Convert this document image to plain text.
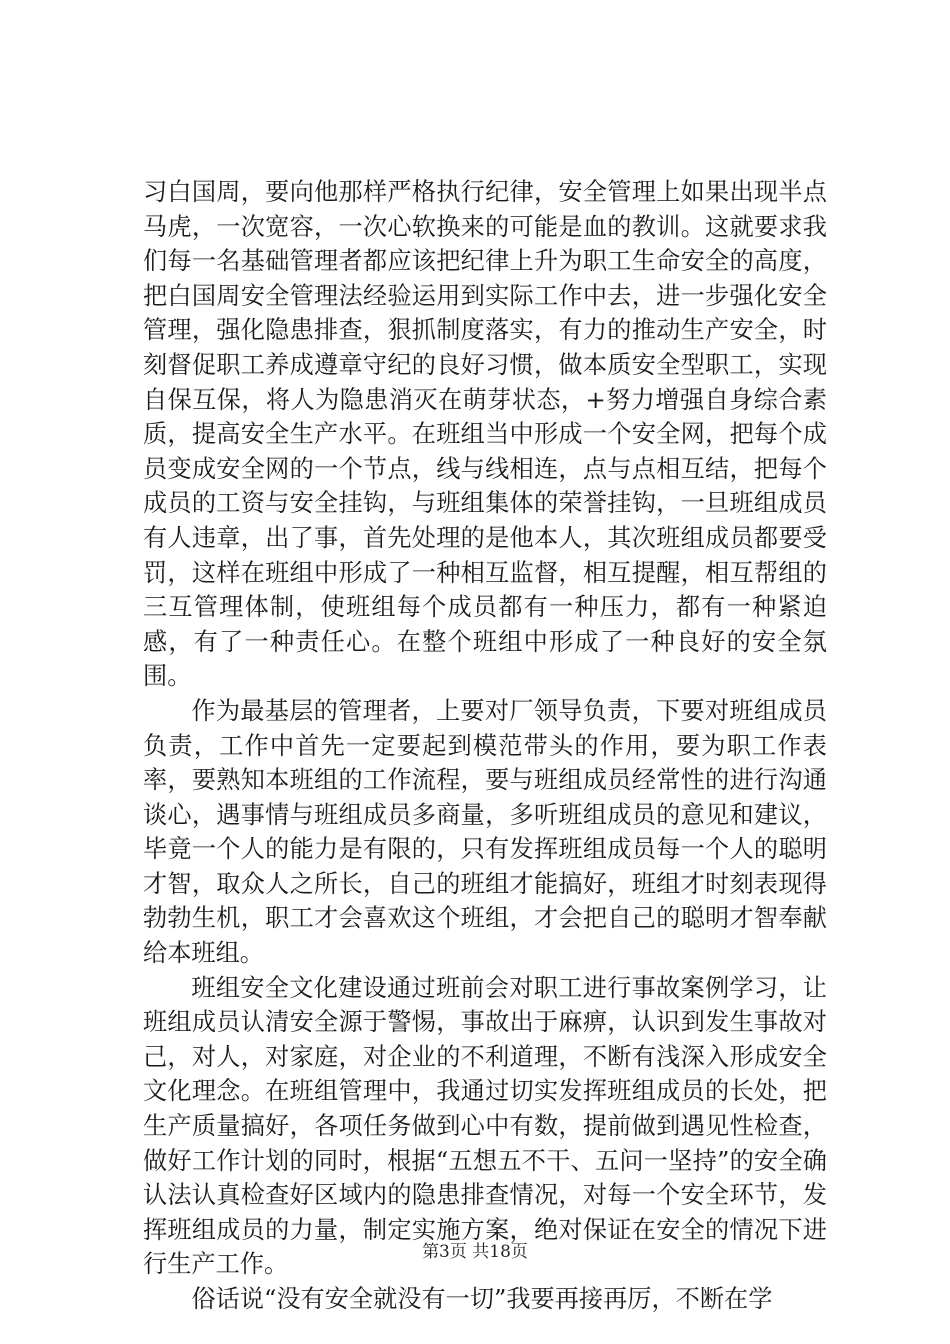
习白国周，要向他那样严格执行纪律，安全管理上如果出现半点马虎，一次宽容，一次心软换来的可能是血的教训。这就要求我们每一名基础管理者都应该把纪律上升为职工生命安全的高度，把白国周安全管理法经验运用到实际工作中去，进一步强化安全管理，强化隐患排查，狠抓制度落实，有力的推动生产安全，时刻督促职工养成遵章守纪的良好习惯，做本质安全型职工，实现自保互保，将人为隐患消灭在萌芽状态，+努力增强自身综合素质，提高安全生产水平。在班组当中形成一个安全网，把每个成员变成安全网的一个节点，线与线相连，点与点相互结，把每个成员的工资与安全挂钩，与班组集体的荣誉挂钩，一旦班组成员有人违章，出了事，首先处理的是他本人，其次班组成员都要受罚，这样在班组中形成了一种相互监督，相互提醒，相互帮组的三互管理体制，使班组每个成员都有一种压力，都有一种紧迫感，有了一种责任心。在整个班组中形成了一种良好的安全氛围。

作为最基层的管理者，上要对厂领导负责，下要对班组成员负责，工作中首先一定要起到模范带头的作用，要为职工作表率，要熟知本班组的工作流程，要与班组成员经常性的进行沟通谈心，遇事情与班组成员多商量，多听班组成员的意见和建议，毕竟一个人的能力是有限的，只有发挥班组成员每一个人的聪明才智，取众人之所长，自己的班组才能搞好，班组才时刻表现得勃勃生机，职工才会喜欢这个班组，才会把自己的聪明才智奉献给本班组。

班组安全文化建设通过班前会对职工进行事故案例学习，让班组成员认清安全源于警惕，事故出于麻痹，认识到发生事故对己，对人，对家庭，对企业的不利道理，不断有浅深入形成安全文化理念。在班组管理中，我通过切实发挥班组成员的长处，把生产质量搞好，各项任务做到心中有数，提前做到遇见性检查，做好工作计划的同时，根据“五想五不干、五问一坚持”的安全确认法认真检查好区域内的隐患排查情况，对每一个安全环节，发挥班组成员的力量，制定实施方案，绝对保证在安全的情况下进行生产工作。

俗话说“没有安全就没有一切”我要再接再厉，不断在学

第3页 共18页
